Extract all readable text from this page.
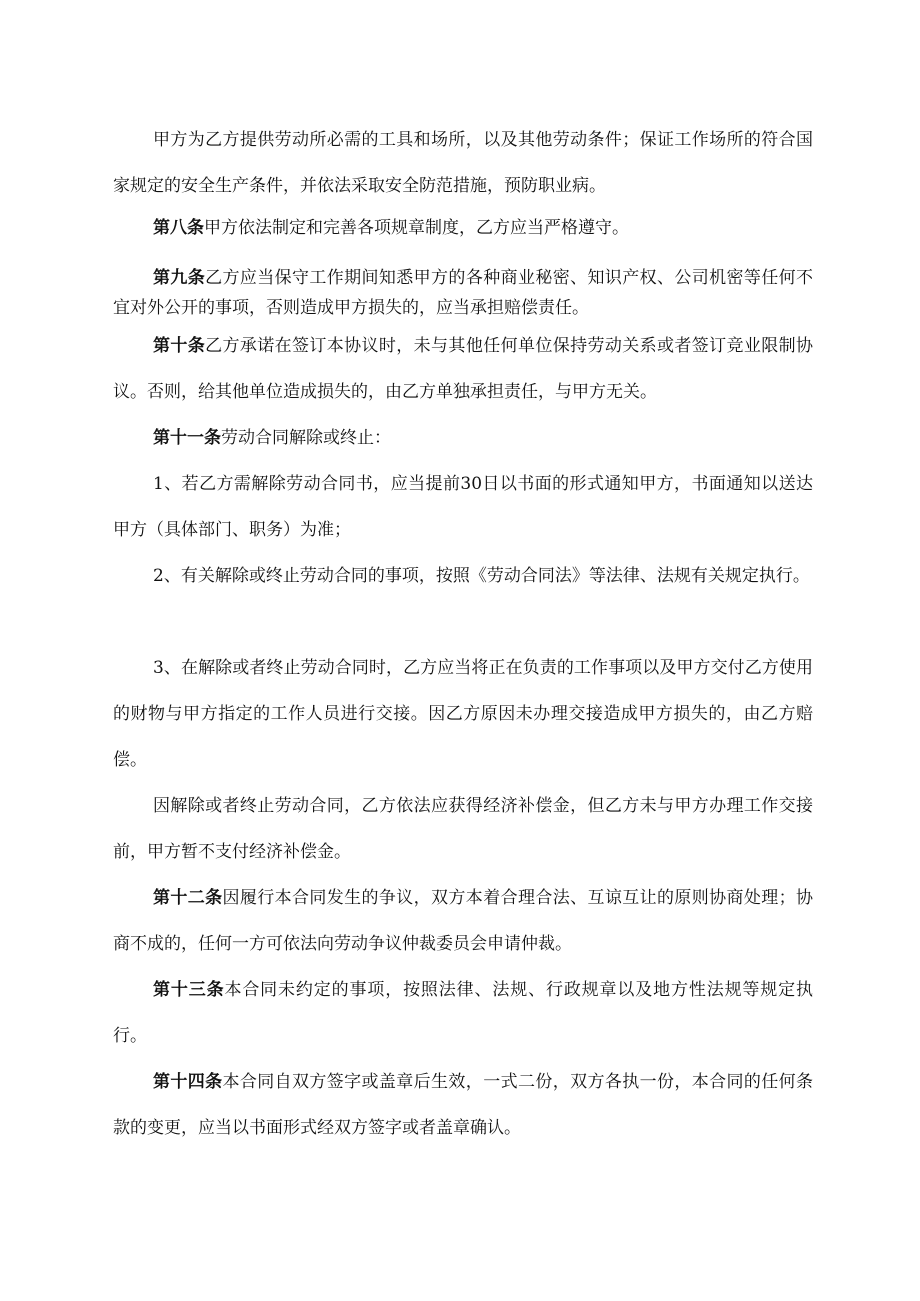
甲方为乙方提供劳动所必需的工具和场所，以及其他劳动条件；保证工作场所的符合国家规定的安全生产条件，并依法采取安全防范措施，预防职业病。

第八条甲方依法制定和完善各项规章制度，乙方应当严格遵守。

第九条乙方应当保守工作期间知悉甲方的各种商业秘密、知识产权、公司机密等任何不宜对外公开的事项，否则造成甲方损失的，应当承担赔偿责任。

第十条乙方承诺在签订本协议时，未与其他任何单位保持劳动关系或者签订竞业限制协议。否则，给其他单位造成损失的，由乙方单独承担责任，与甲方无关。

第十一条劳动合同解除或终止：

1、若乙方需解除劳动合同书，应当提前30日以书面的形式通知甲方，书面通知以送达甲方（具体部门、职务）为准；

2、有关解除或终止劳动合同的事项，按照《劳动合同法》等法律、法规有关规定执行。

3、在解除或者终止劳动合同时，乙方应当将正在负责的工作事项以及甲方交付乙方使用的财物与甲方指定的工作人员进行交接。因乙方原因未办理交接造成甲方损失的，由乙方赔偿。

因解除或者终止劳动合同，乙方依法应获得经济补偿金，但乙方未与甲方办理工作交接前，甲方暂不支付经济补偿金。

第十二条因履行本合同发生的争议，双方本着合理合法、互谅互让的原则协商处理；协商不成的，任何一方可依法向劳动争议仲裁委员会申请仲裁。

第十三条本合同未约定的事项，按照法律、法规、行政规章以及地方性法规等规定执行。

第十四条本合同自双方签字或盖章后生效，一式二份，双方各执一份，本合同的任何条款的变更，应当以书面形式经双方签字或者盖章确认。
